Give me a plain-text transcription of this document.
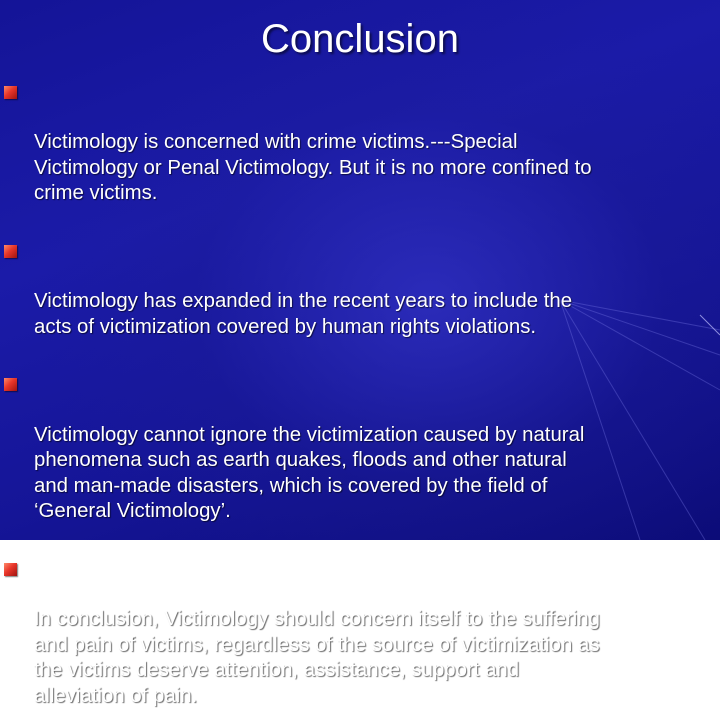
Conclusion

Victimology is concerned with crime victims.---Special
Victimology or Penal Victimology. But it is no more confined to
crime victims.

Victimology has expanded in the recent years to include the
acts of victimization covered by human rights violations.

Victimology cannot ignore the victimization caused by natural
phenomena such as earth quakes, floods and other natural
and man-made disasters, which is covered by the field of
‘General Victimology’.

In conclusion, Victimology should concern itself to the suffering
and pain of victims, regardless of the source of victimization as
the victims deserve attention, assistance, support and
alleviation of pain.
